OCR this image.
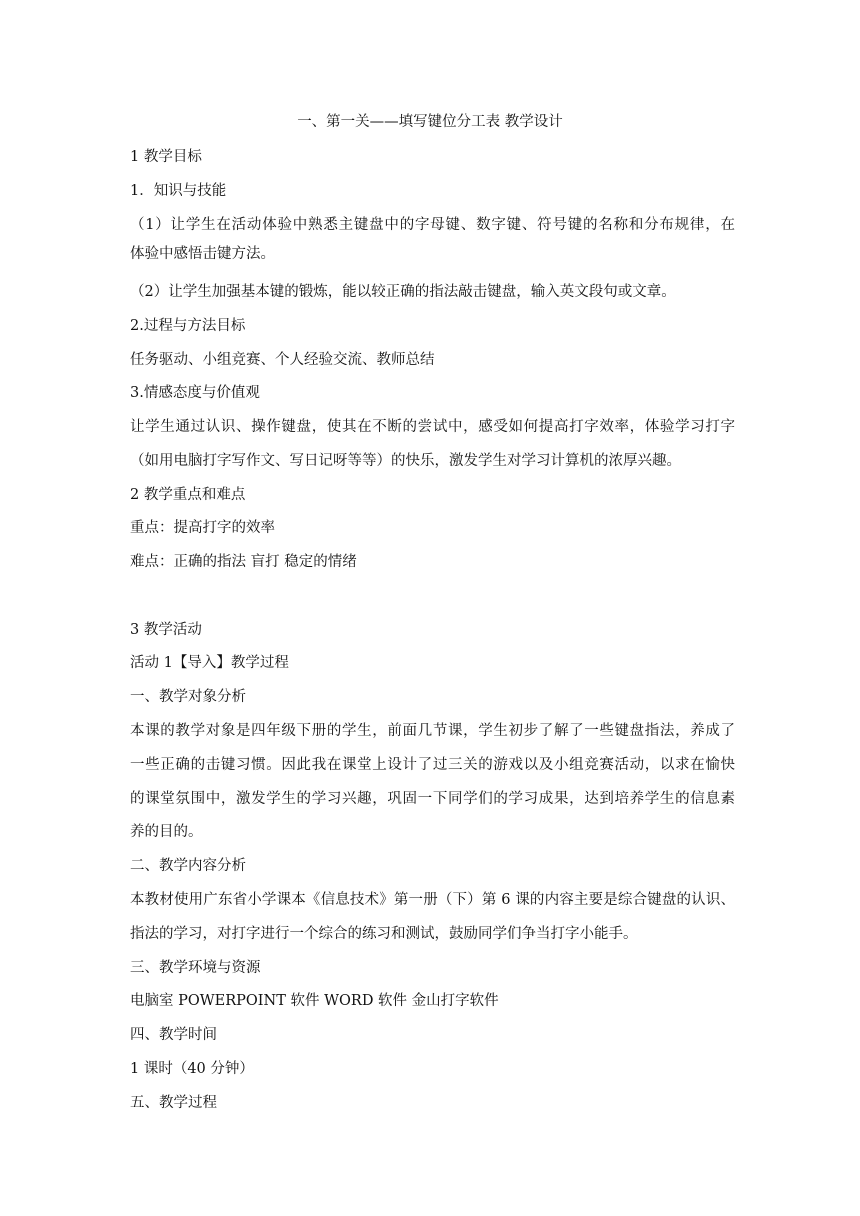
一、第一关——填写键位分工表 教学设计
1 教学目标
1．知识与技能
（1）让学生在活动体验中熟悉主键盘中的字母键、数字键、符号键的名称和分布规律，在
体验中感悟击键方法。
（2）让学生加强基本键的锻炼，能以较正确的指法敲击键盘，输入英文段句或文章。
2.过程与方法目标
任务驱动、小组竞赛、个人经验交流、教师总结
3.情感态度与价值观
让学生通过认识、操作键盘，使其在不断的尝试中，感受如何提高打字效率，体验学习打字
（如用电脑打字写作文、写日记呀等等）的快乐，激发学生对学习计算机的浓厚兴趣。
2 教学重点和难点
重点：提高打字的效率
难点：正确的指法 盲打 稳定的情绪
3 教学活动
活动 1【导入】教学过程
一、教学对象分析
本课的教学对象是四年级下册的学生，前面几节课，学生初步了解了一些键盘指法，养成了
一些正确的击键习惯。因此我在课堂上设计了过三关的游戏以及小组竞赛活动，以求在愉快
的课堂氛围中，激发学生的学习兴趣，巩固一下同学们的学习成果，达到培养学生的信息素
养的目的。
二、教学内容分析
本教材使用广东省小学课本《信息技术》第一册（下）第 6 课的内容主要是综合键盘的认识、
指法的学习，对打字进行一个综合的练习和测试，鼓励同学们争当打字小能手。
三、教学环境与资源
电脑室 POWERPOINT 软件 WORD 软件 金山打字软件
四、教学时间
1 课时（40 分钟）
五、教学过程
